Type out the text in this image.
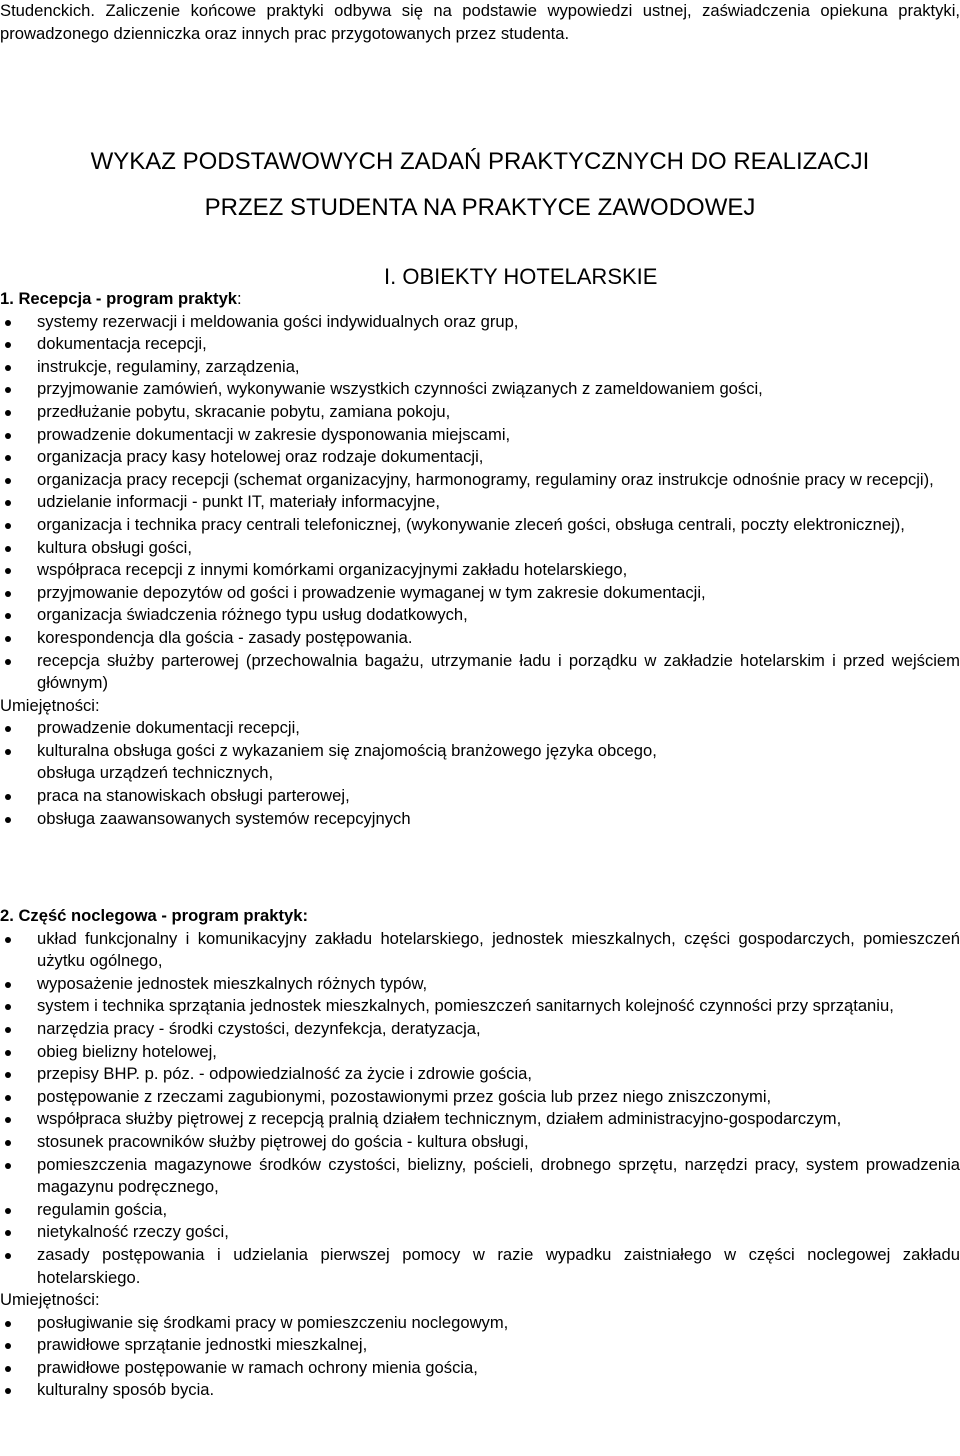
Studenckich. Zaliczenie końcowe praktyki odbywa się na podstawie wypowiedzi ustnej, zaświadczenia opiekuna praktyki, prowadzonego dzienniczka oraz innych prac przygotowanych przez studenta.
WYKAZ PODSTAWOWYCH ZADAŃ PRAKTYCZNYCH DO REALIZACJI
PRZEZ STUDENTA NA PRAKTYCE ZAWODOWEJ
I. OBIEKTY HOTELARSKIE

1. Recepcja - program praktyk:

systemy rezerwacji i meldowania gości indywidualnych oraz grup,
dokumentacja recepcji,
instrukcje, regulaminy, zarządzenia,
przyjmowanie zamówień, wykonywanie wszystkich czynności związanych z zameldowaniem gości,
przedłużanie pobytu, skracanie pobytu, zamiana pokoju,
prowadzenie dokumentacji w zakresie dysponowania miejscami,
organizacja pracy kasy hotelowej oraz rodzaje dokumentacji,
organizacja pracy recepcji (schemat organizacyjny, harmonogramy, regulaminy oraz instrukcje odnośnie pracy w recepcji),
udzielanie informacji - punkt IT, materiały informacyjne,
organizacja i technika pracy centrali telefonicznej, (wykonywanie zleceń gości, obsługa centrali, poczty elektronicznej),
kultura obsługi gości,
współpraca recepcji z innymi komórkami organizacyjnymi zakładu hotelarskiego,
przyjmowanie depozytów od gości i prowadzenie wymaganej w tym zakresie dokumentacji,
organizacja świadczenia różnego typu usług dodatkowych,
korespondencja dla gościa - zasady postępowania.
recepcja służby parterowej (przechowalnia bagażu, utrzymanie ładu i porządku w zakładzie hotelarskim i przed wejściem głównym)

Umiejętności:

prowadzenie dokumentacji recepcji,
kulturalna obsługa gości z wykazaniem się znajomością branżowego języka obcego,
obsługa urządzeń technicznych,
praca na stanowiskach obsługi parterowej,
obsługa zaawansowanych systemów recepcyjnych

2. Część noclegowa - program praktyk:

układ funkcjonalny i komunikacyjny zakładu hotelarskiego, jednostek mieszkalnych, części gospodarczych, pomieszczeń użytku ogólnego,
wyposażenie jednostek mieszkalnych różnych typów,
system i technika sprzątania jednostek mieszkalnych, pomieszczeń sanitarnych kolejność czynności przy sprzątaniu,
narzędzia pracy - środki czystości, dezynfekcja, deratyzacja,
obieg bielizny hotelowej,
przepisy BHP. p. póz. - odpowiedzialność za życie i zdrowie gościa,
postępowanie z rzeczami zagubionymi, pozostawionymi przez gościa lub przez niego zniszczonymi,
współpraca służby piętrowej z recepcją pralnią działem technicznym, działem administracyjno-gospodarczym,
stosunek pracowników służby piętrowej do gościa - kultura obsługi,
pomieszczenia magazynowe środków czystości, bielizny, pościeli, drobnego sprzętu, narzędzi pracy, system prowadzenia magazynu podręcznego,
regulamin gościa,
nietykalność rzeczy gości,
zasady postępowania i udzielania pierwszej pomocy w razie wypadku zaistniałego w części noclegowej zakładu hotelarskiego.

Umiejętności:

posługiwanie się środkami pracy w pomieszczeniu noclegowym,
prawidłowe sprzątanie jednostki mieszkalnej,
prawidłowe postępowanie w ramach ochrony mienia gościa,
kulturalny sposób bycia.
